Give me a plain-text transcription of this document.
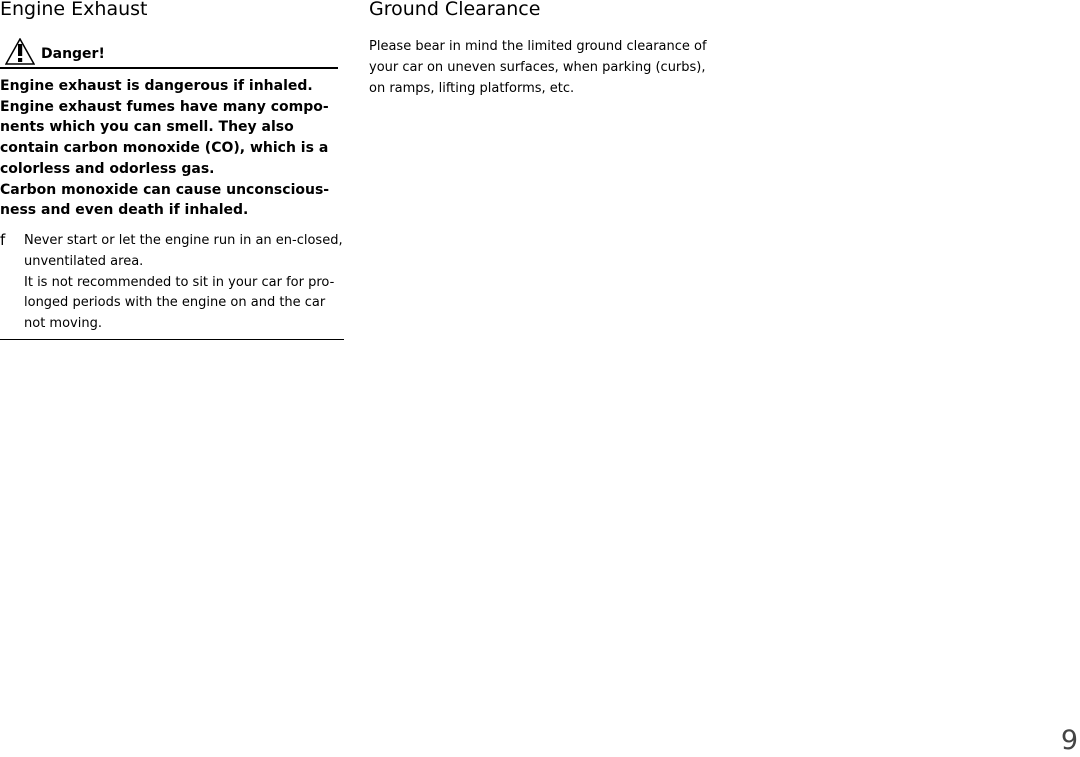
Engine Exhaust
Danger!

Engine exhaust is dangerous if inhaled. Engine exhaust fumes have many compo-nents which you can smell. They also contain carbon monoxide (CO), which is a colorless and odorless gas.

Carbon monoxide can cause unconscious-ness and even death if inhaled.

f Never start or let the engine run in an en-closed, unventilated area.

It is not recommended to sit in your car for pro-longed periods with the engine on and the car not moving.

Ground Clearance

Please bear in mind the limited ground clearance of your car on uneven surfaces, when parking (curbs), on ramps, lifting platforms, etc.

9
